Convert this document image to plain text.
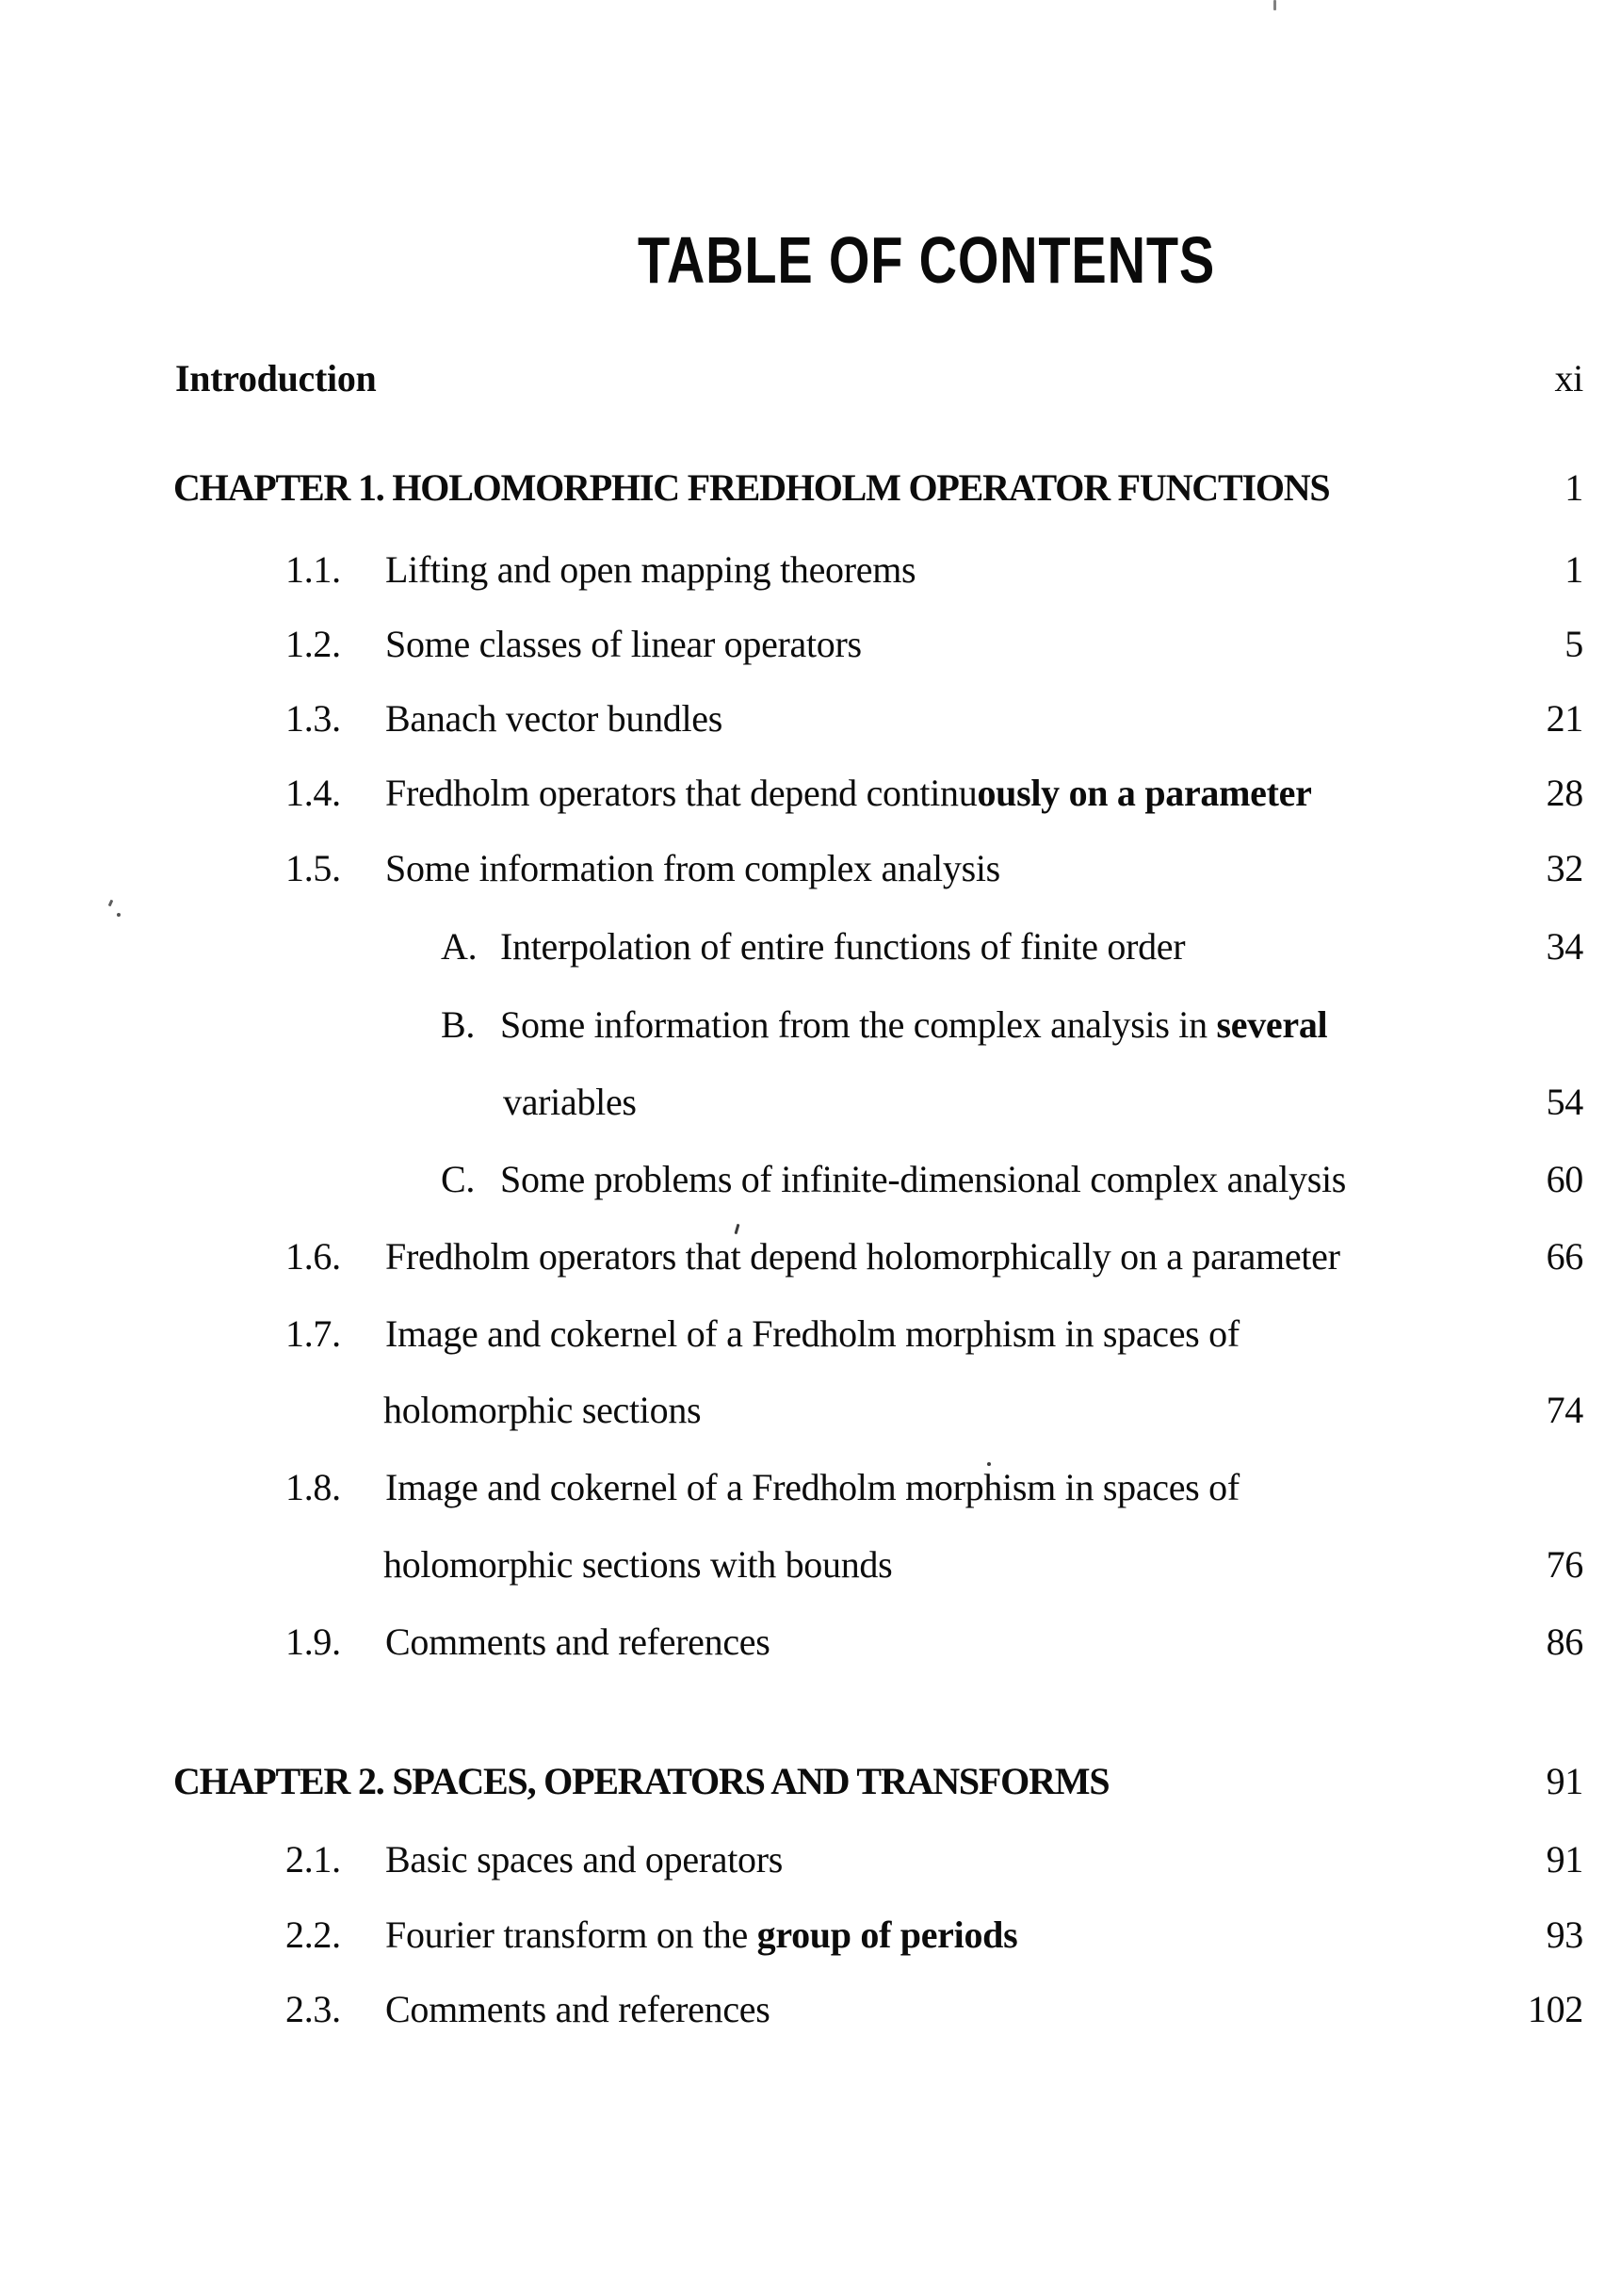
TABLE OF CONTENTS
Introduction	xi
CHAPTER 1. HOLOMORPHIC FREDHOLM OPERATOR FUNCTIONS	1
1.1. Lifting and open mapping theorems	1
1.2. Some classes of linear operators	5
1.3. Banach vector bundles	21
1.4. Fredholm operators that depend continuously on a parameter	28
1.5. Some information from complex analysis	32
A. Interpolation of entire functions of finite order	34
B. Some information from the complex analysis in several
variables	54
C. Some problems of infinite-dimensional complex analysis	60
1.6. Fredholm operators that depend holomorphically on a parameter	66
1.7. Image and cokernel of a Fredholm morphism in spaces of
holomorphic sections	74
1.8. Image and cokernel of a Fredholm morphism in spaces of
holomorphic sections with bounds	76
1.9. Comments and references	86
CHAPTER 2. SPACES, OPERATORS AND TRANSFORMS	91
2.1. Basic spaces and operators	91
2.2. Fourier transform on the group of periods	93
2.3. Comments and references	102
